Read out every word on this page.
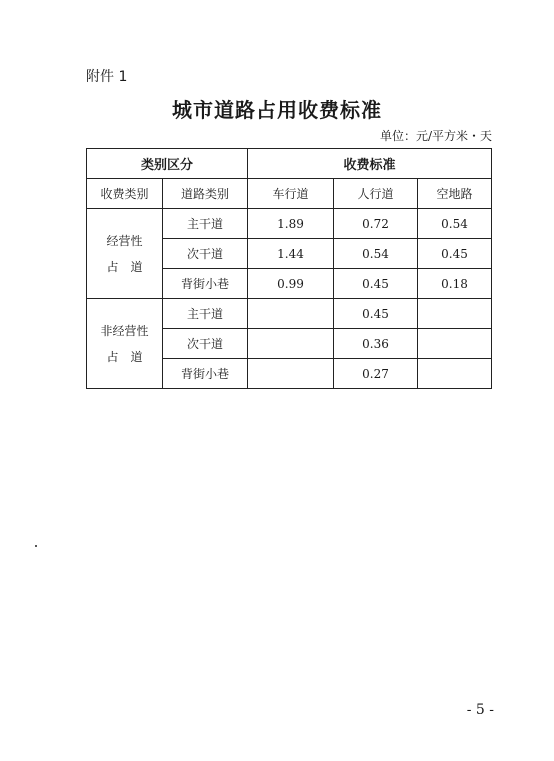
附件 1
城市道路占用收费标准
单位：元/平方米・天
类别区分		收费标准		
收费类别	道路类别	车行道	人行道	空地路

经营性
占　道	主干道	1.89	0.72	0.54
	次干道	1.44	0.54	0.45
	背街小巷	0.99	0.45	0.18

非经营性
占　道	主干道		0.45	
	次干道		0.36	
	背街小巷		0.27	
- 5 -
